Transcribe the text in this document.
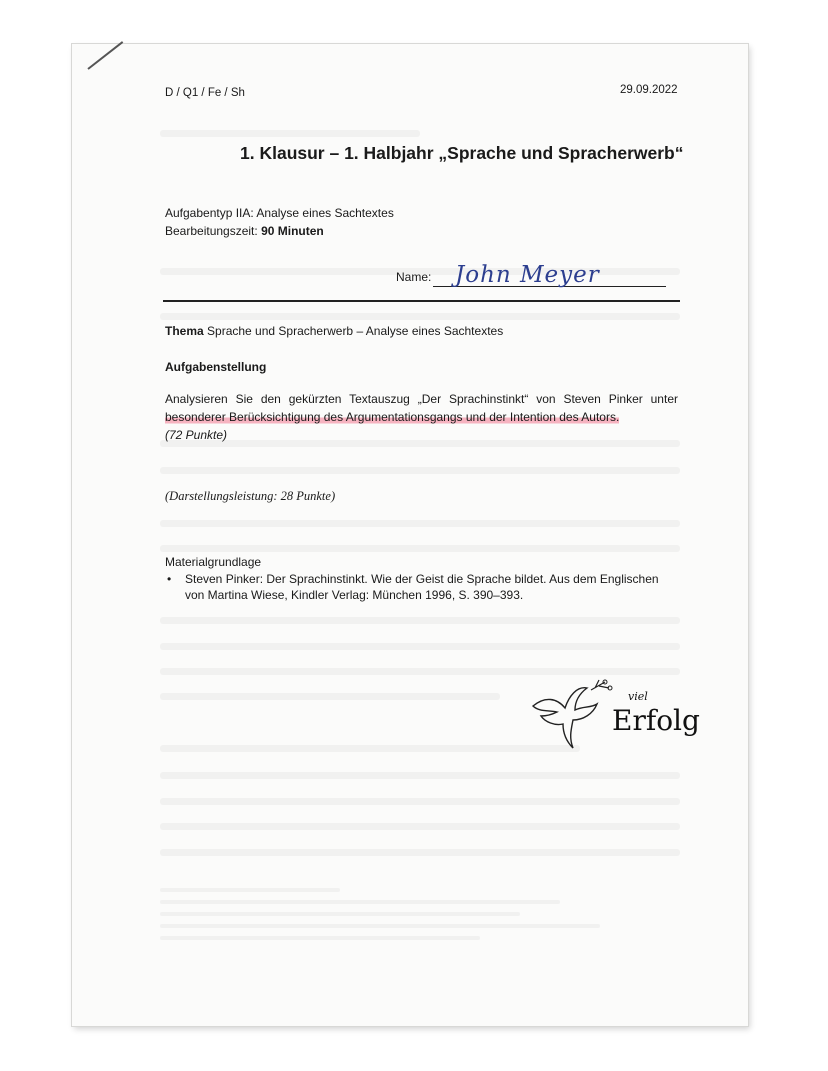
D / Q1 / Fe / Sh	29.09.2022
1. Klausur – 1. Halbjahr „Sprache und Spracherwerb“
Aufgabentyp IIA: Analyse eines Sachtextes
Bearbeitungszeit: 90 Minuten
Name: John Meyer
Thema Sprache und Spracherwerb – Analyse eines Sachtextes
Aufgabenstellung
Analysieren Sie den gekürzten Textauszug „Der Sprachinstinkt“ von Steven Pinker unter besonderer Berücksichtigung des Argumentationsgangs und der Intention des Autors.
(72 Punkte)
(Darstellungsleistung: 28 Punkte)
Materialgrundlage
• Steven Pinker: Der Sprachinstinkt. Wie der Geist die Sprache bildet. Aus dem Englischen von Martina Wiese, Kindler Verlag: München 1996, S. 390–393.
viel
Erfolg
